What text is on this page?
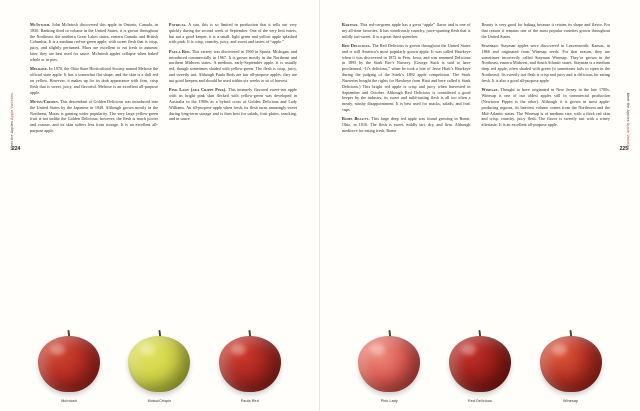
224
Meet the Apples Apple Varieties

McIntosh. John McIntosh discovered this apple in Ontario, Canada, in 1830. Ranking third in volume in the United States, it is grown throughout the Northeast, the northern Great Lakes states, eastern Canada, and British Columbia. It is a medium red-on-green apple, with sweet flesh that is crisp, juicy, and slightly perfumed. Macs are excellent to eat fresh in autumn; later, they are best used for sauce. McIntosh apples collapse when baked whole or in pies.

Melrose. In 1970, the Ohio State Horticultural Society named Melrose the official state apple. It has a somewhat flat shape, and the skin is a dull red on yellow. However, it makes up for its drab appearance with firm, crisp flesh that is sweet, juicy, and flavorful. Melrose is an excellent all-purpose apple.

Mutsu/Crispin. This descendant of Golden Delicious was introduced into the United States by the Japanese in 1948. Although grown mostly in the Northeast, Mutsu is gaining wider popularity. The very large yellow-green fruit is not unlike the Golden Delicious; however, the flesh is much juicier and coarser, and its skin suffers less from storage. It is an excellent all-purpose apple.

Patricia. A star, this is so limited in production that it sells out very quickly during the second week of September. One of the very best eaters, but not a good keeper, it is a small, light green and yellow apple splashed with pink. It is crisp, crunchy, juicy, and sweet and tastes of “apple.”

Paula Red. This variety was discovered in 1960 in Sparta, Michigan, and introduced commercially in 1967. It is grown mostly in the Northeast and northern Midwest states. A medium, early-September apple, it is usually red, though sometimes shaded with yellow-green. The flesh is crisp, juicy, and sweetly tart. Although Paula Reds are fair all-purpose apples, they are not good keepers and should be used within six weeks or so of harvest.

Pink Lady (aka Cripps Pink). This intensely flavored sweet-tart apple with its bright pink skin flecked with yellow-green was developed in Australia in the 1980s as a hybrid cross of Golden Delicious and Lady Williams. An all-purpose apple when fresh, its flesh turns amazingly sweet during long-term storage and is then best for salads, fruit plates, snacking, and in sauce.

McIntosh	Mutsu/Crispin	Paula Red
225
Meet the Apples Apple Varieties

Raritan. This red-on-green apple has a great “apple” flavor and is one of my all-time favorites. It has wondrously crunchy, juice-spurting flesh that is mildly tart-sweet. It is a great thirst quencher.

Red Delicious. The Red Delicious is grown throughout the United States and is still America’s most popularly grown apple. It was called Hawkeye when it was discovered in 1872 in Peru, Iowa, and was renamed Delicious in 1895 by the Stark Bro’s Nursery. (George Stark is said to have proclaimed, “It’s delicious,” when he took a bite of Jesse Hiatt’s Hawkeye during the judging of the Stark’s 1892 apple competition. The Stark Nurseries bought the rights for Hawkeye from Hiatt and here called it Stark Delicious.) This bright red apple is crisp and juicy when harvested in September and October. Although Red Delicious is considered a good keeper by the industry, its sweet and mild-tasting flesh is all too often a mealy, mushy disappointment. It is best used for snacks, salads, and fruit cups.

Rome Beauty. This large deep red apple was found growing in Rome, Ohio, in 1816. The flesh is sweet, mildly tart, dry, and firm. Although mediocre for eating fresh, Rome

Beauty is very good for baking because it retains its shape and flavor. For that reason it remains one of the most popular varieties grown throughout the United States.

Stayman. Stayman apples were discovered in Leavenworth, Kansas, in 1866 and originated from Winesap seeds. For that reason, they are sometimes incorrectly called Stayman Winesap. They’re grown in the Northeast, eastern Midwest, and South Atlantic states. Stayman is a medium deep red apple, often shaded with green (it sometimes fails to ripen in the Northeast). Its sweetly tart flesh is crisp and juicy and is delicious for eating fresh. It is also a good all-purpose apple.

Winesap. Thought to have originated in New Jersey in the late 1700s, Winesap is one of our oldest apples still in commercial production (Newtown Pippin is the other). Although it is grown in most apple-producing regions, its heaviest volume comes from the Northwest and the Mid-Atlantic states. The Winesap is of medium size, with a thick red skin and crisp, crunchy, juicy flesh. The flavor is sweetly tart with a winey aftertaste. It is an excellent all-purpose apple.

Pink Lady	Red Delicious	Winesap
